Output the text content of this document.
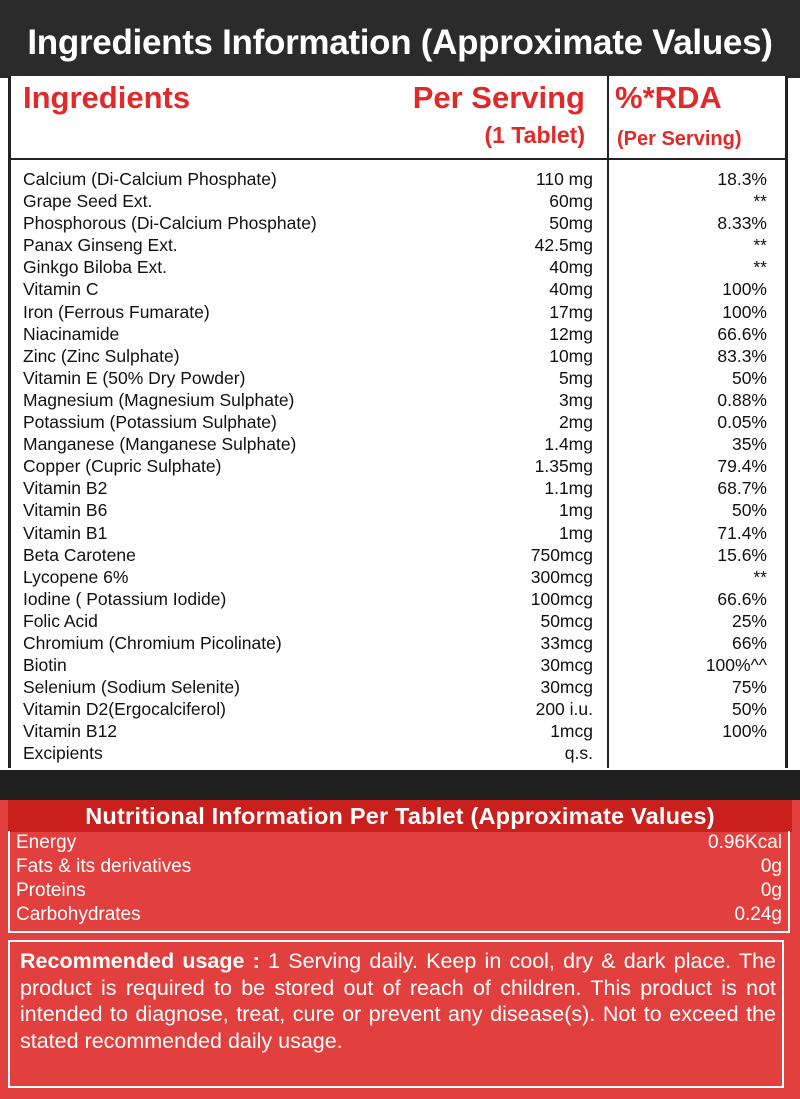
Ingredients Information (Approximate Values)
Ingredients	Per Serving
(1 Tablet)
%*RDA
(Per Serving)
Calcium (Di-Calcium Phosphate)	110 mg	18.3%
Grape Seed Ext.	60mg	**
Phosphorous (Di-Calcium Phosphate)	50mg	8.33%
Panax Ginseng Ext.	42.5mg	**
Ginkgo Biloba Ext.	40mg	**
Vitamin C	40mg	100%
Iron (Ferrous Fumarate)	17mg	100%
Niacinamide	12mg	66.6%
Zinc (Zinc Sulphate)	10mg	83.3%
Vitamin E (50% Dry Powder)	5mg	50%
Magnesium (Magnesium Sulphate)	3mg	0.88%
Potassium (Potassium Sulphate)	2mg	0.05%
Manganese (Manganese Sulphate)	1.4mg	35%
Copper (Cupric Sulphate)	1.35mg	79.4%
Vitamin B2	1.1mg	68.7%
Vitamin B6	1mg	50%
Vitamin B1	1mg	71.4%
Beta Carotene	750mcg	15.6%
Lycopene 6%	300mcg	**
Iodine ( Potassium Iodide)	100mcg	66.6%
Folic Acid	50mcg	25%
Chromium (Chromium Picolinate)	33mcg	66%
Biotin	30mcg	100%^^
Selenium (Sodium Selenite)	30mcg	75%
Vitamin D2(Ergocalciferol)	200 i.u.	50%
Vitamin B12	1mcg	100%
Excipients	q.s.
Nutritional Information Per Tablet (Approximate Values)
Energy	0.96Kcal
Fats & its derivatives	0g
Proteins	0g
Carbohydrates	0.24g
Recommended usage : 1 Serving daily. Keep in cool, dry & dark place. The product is required to be stored out of reach of children. This product is not intended to diagnose, treat, cure or prevent any disease(s). Not to exceed the stated recommended daily usage.
